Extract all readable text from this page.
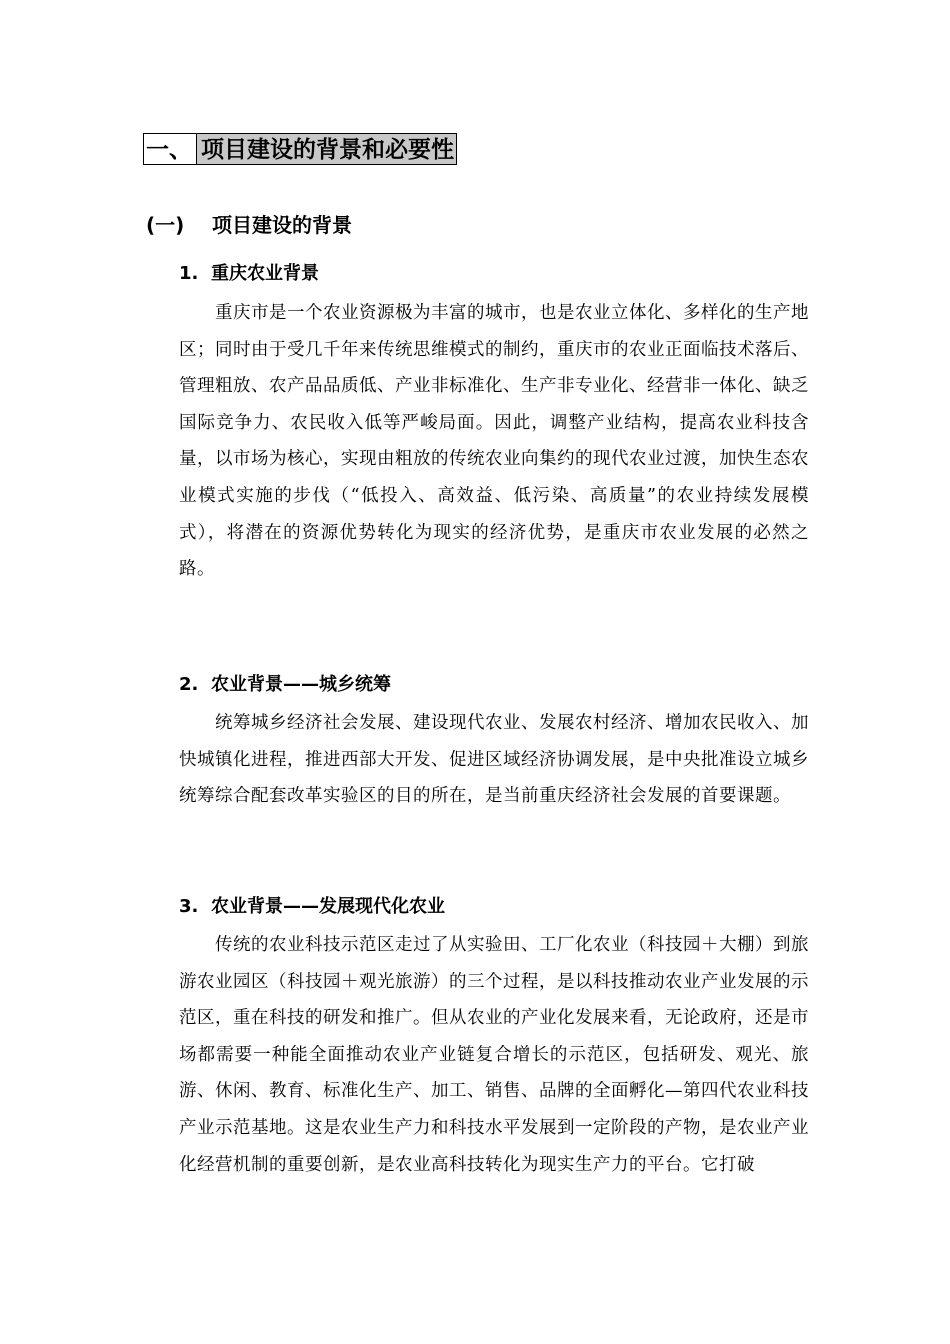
一、 项目建设的背景和必要性
(一) 项目建设的背景
1. 重庆农业背景

重庆市是一个农业资源极为丰富的城市，也是农业立体化、多样化的生产地区；同时由于受几千年来传统思维模式的制约，重庆市的农业正面临技术落后、管理粗放、农产品品质低、产业非标准化、生产非专业化、经营非一体化、缺乏国际竞争力、农民收入低等严峻局面。因此，调整产业结构，提高农业科技含量，以市场为核心，实现由粗放的传统农业向集约的现代农业过渡，加快生态农业模式实施的步伐（“低投入、高效益、低污染、高质量”的农业持续发展模式），将潜在的资源优势转化为现实的经济优势，是重庆市农业发展的必然之路。

2. 农业背景——城乡统筹

统筹城乡经济社会发展、建设现代农业、发展农村经济、增加农民收入、加快城镇化进程，推进西部大开发、促进区域经济协调发展，是中央批准设立城乡统筹综合配套改革实验区的目的所在，是当前重庆经济社会发展的首要课题。

3. 农业背景——发展现代化农业

传统的农业科技示范区走过了从实验田、工厂化农业（科技园＋大棚）到旅游农业园区（科技园＋观光旅游）的三个过程，是以科技推动农业产业发展的示范区，重在科技的研发和推广。但从农业的产业化发展来看，无论政府，还是市场都需要一种能全面推动农业产业链复合增长的示范区，包括研发、观光、旅游、休闲、教育、标准化生产、加工、销售、品牌的全面孵化—第四代农业科技产业示范基地。这是农业生产力和科技水平发展到一定阶段的产物，是农业产业化经营机制的重要创新，是农业高科技转化为现实生产力的平台。它打破
